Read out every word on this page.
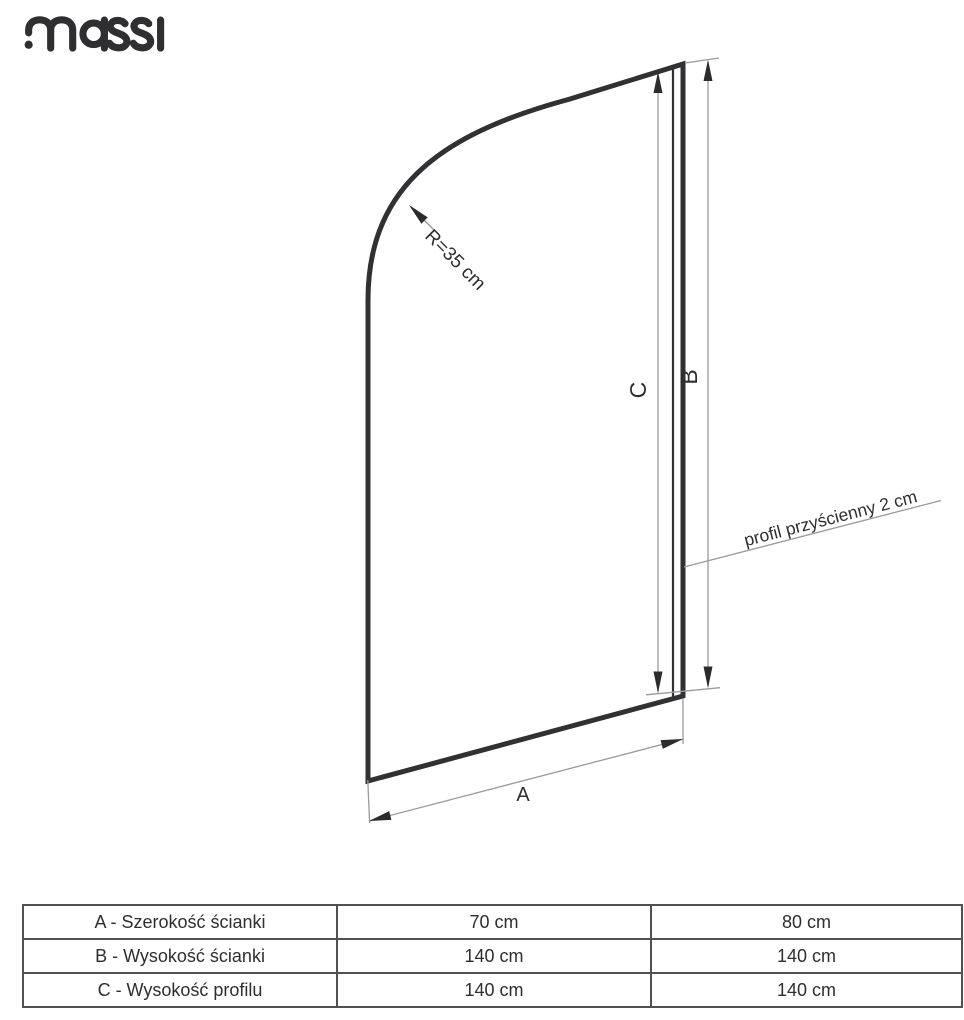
C
B
A
R=35 cm
profil przyścienny 2 cm
A - Szerokość ścianki	70 cm	80 cm
B - Wysokość ścianki	140 cm	140 cm
C - Wysokość profilu	140 cm	140 cm
